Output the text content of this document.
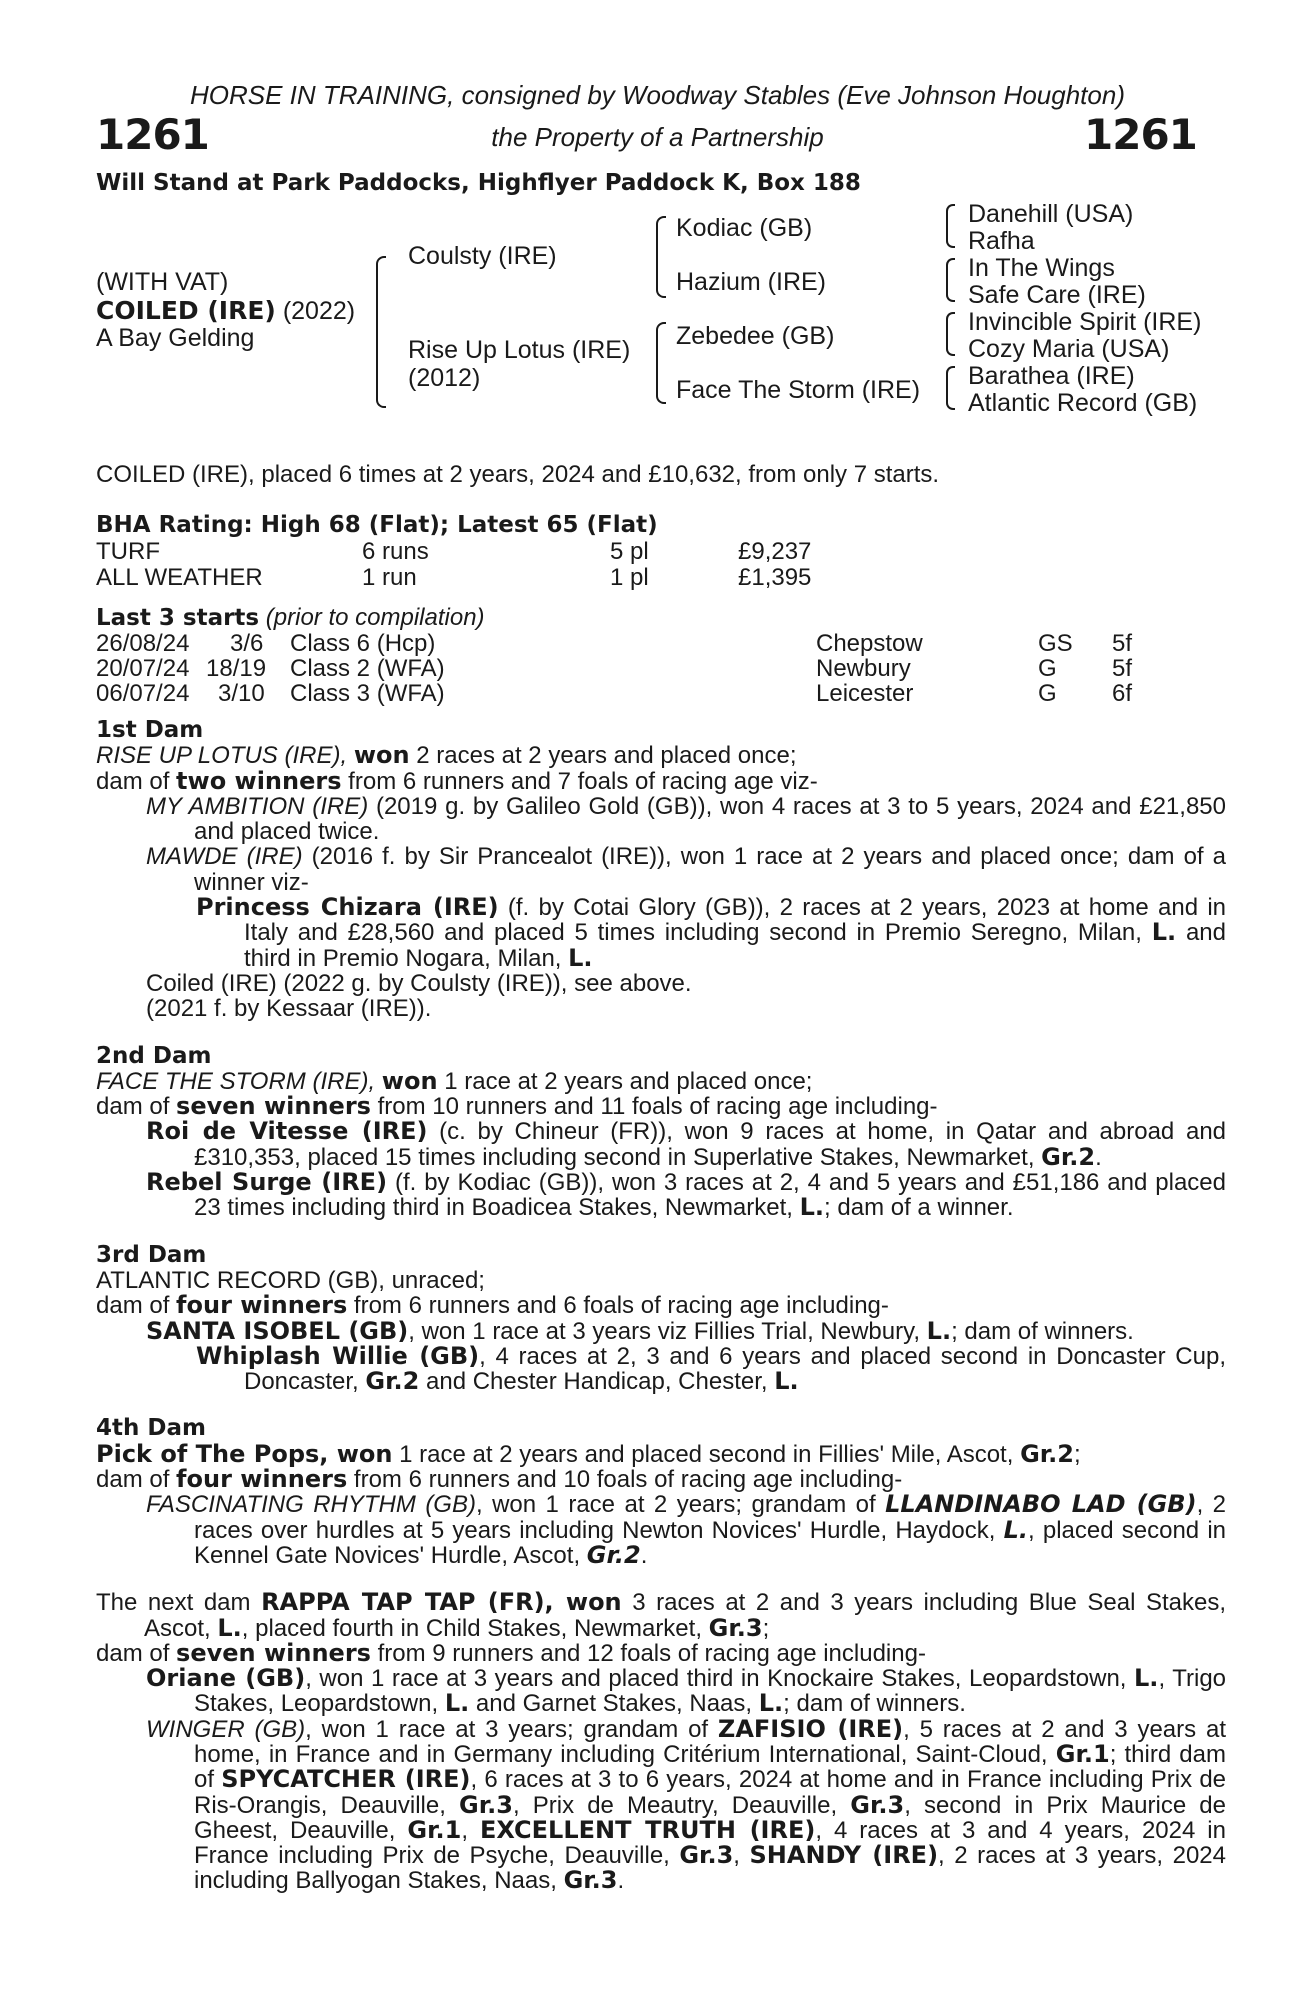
HORSE IN TRAINING, consigned by Woodway Stables (Eve Johnson Houghton)
1261	the Property of a Partnership	1261
Will Stand at Park Paddocks, Highflyer Paddock K, Box 188
(WITH VAT)
COILED (IRE) (2022)
A Bay Gelding
Coulsty (IRE)
Rise Up Lotus (IRE)
(2012)
Kodiac (GB)
Hazium (IRE)
Zebedee (GB)
Face The Storm (IRE)
Danehill (USA)
Rafha
In The Wings
Safe Care (IRE)
Invincible Spirit (IRE)
Cozy Maria (USA)
Barathea (IRE)
Atlantic Record (GB)
COILED (IRE), placed 6 times at 2 years, 2024 and £10,632, from only 7 starts.
BHA Rating: High 68 (Flat); Latest 65 (Flat)
TURF	6 runs	5 pl	£9,237
ALL WEATHER	1 run	1 pl	£1,395
Last 3 starts (prior to compilation)
26/08/24 3/6 Class 6 (Hcp)	Chepstow	GS 5f
20/07/24 18/19 Class 2 (WFA)	Newbury	G 5f
06/07/24 3/10 Class 3 (WFA)	Leicester	G 6f
1st Dam

RISE UP LOTUS (IRE), won 2 races at 2 years and placed once;

dam of two winners from 6 runners and 7 foals of racing age viz-

MY AMBITION (IRE) (2019 g. by Galileo Gold (GB)), won 4 races at 3 to 5 years, 2024 and £21,850 and placed twice.

MAWDE (IRE) (2016 f. by Sir Prancealot (IRE)), won 1 race at 2 years and placed once; dam of a winner viz-

Princess Chizara (IRE) (f. by Cotai Glory (GB)), 2 races at 2 years, 2023 at home and in Italy and £28,560 and placed 5 times including second in Premio Seregno, Milan, L. and third in Premio Nogara, Milan, L.

Coiled (IRE) (2022 g. by Coulsty (IRE)), see above.

(2021 f. by Kessaar (IRE)).

2nd Dam

FACE THE STORM (IRE), won 1 race at 2 years and placed once;

dam of seven winners from 10 runners and 11 foals of racing age including-

Roi de Vitesse (IRE) (c. by Chineur (FR)), won 9 races at home, in Qatar and abroad and £310,353, placed 15 times including second in Superlative Stakes, Newmarket, Gr.2.

Rebel Surge (IRE) (f. by Kodiac (GB)), won 3 races at 2, 4 and 5 years and £51,186 and placed 23 times including third in Boadicea Stakes, Newmarket, L.; dam of a winner.

3rd Dam

ATLANTIC RECORD (GB), unraced;

dam of four winners from 6 runners and 6 foals of racing age including-

SANTA ISOBEL (GB), won 1 race at 3 years viz Fillies Trial, Newbury, L.; dam of winners.

Whiplash Willie (GB), 4 races at 2, 3 and 6 years and placed second in Doncaster Cup, Doncaster, Gr.2 and Chester Handicap, Chester, L.

4th Dam

Pick of The Pops, won 1 race at 2 years and placed second in Fillies' Mile, Ascot, Gr.2;

dam of four winners from 6 runners and 10 foals of racing age including-

FASCINATING RHYTHM (GB), won 1 race at 2 years; grandam of LLANDINABO LAD (GB), 2 races over hurdles at 5 years including Newton Novices' Hurdle, Haydock, L., placed second in Kennel Gate Novices' Hurdle, Ascot, Gr.2.

The next dam RAPPA TAP TAP (FR), won 3 races at 2 and 3 years including Blue Seal Stakes, Ascot, L., placed fourth in Child Stakes, Newmarket, Gr.3;

dam of seven winners from 9 runners and 12 foals of racing age including-

Oriane (GB), won 1 race at 3 years and placed third in Knockaire Stakes, Leopardstown, L., Trigo Stakes, Leopardstown, L. and Garnet Stakes, Naas, L.; dam of winners.

WINGER (GB), won 1 race at 3 years; grandam of ZAFISIO (IRE), 5 races at 2 and 3 years at home, in France and in Germany including Critérium International, Saint-Cloud, Gr.1; third dam of SPYCATCHER (IRE), 6 races at 3 to 6 years, 2024 at home and in France including Prix de Ris-Orangis, Deauville, Gr.3, Prix de Meautry, Deauville, Gr.3, second in Prix Maurice de Gheest, Deauville, Gr.1, EXCELLENT TRUTH (IRE), 4 races at 3 and 4 years, 2024 in France including Prix de Psyche, Deauville, Gr.3, SHANDY (IRE), 2 races at 3 years, 2024 including Ballyogan Stakes, Naas, Gr.3.
